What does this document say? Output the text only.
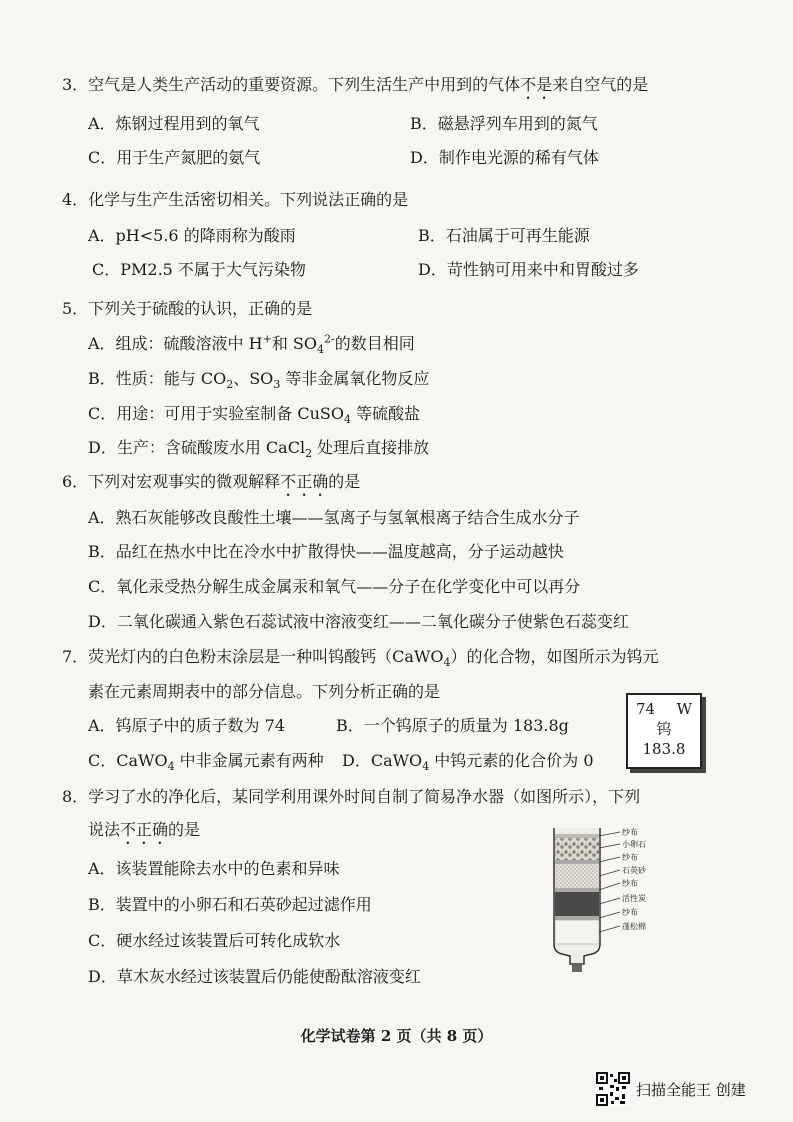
3．空气是人类生产活动的重要资源。下列生活生产中用到的气体不是来自空气的是
A．炼钢过程用到的氧气	B．磁悬浮列车用到的氮气
C．用于生产氮肥的氨气	D．制作电光源的稀有气体
4．化学与生产生活密切相关。下列说法正确的是
A．pH<5.6 的降雨称为酸雨	B．石油属于可再生能源
C．PM2.5 不属于大气污染物	D．苛性钠可用来中和胃酸过多
5．下列关于硫酸的认识，正确的是
A．组成：硫酸溶液中 H+和 $SO_4^{2-}$的数目相同
B．性质：能与 $CO_2$、$SO_3$ 等非金属氧化物反应
C．用途：可用于实验室制备 CuSO$_4$ 等硫酸盐
D．生产：含硫酸废水用 CaCl$_2$ 处理后直接排放
6．下列对宏观事实的微观解释不正确的是
A．熟石灰能够改良酸性土壤——氢离子与氢氧根离子结合生成水分子
B．品红在热水中比在冷水中扩散得快——温度越高，分子运动越快
C．氧化汞受热分解生成金属汞和氧气——分子在化学变化中可以再分
D．二氧化碳通入紫色石蕊试液中溶液变红——二氧化碳分子使紫色石蕊变红
7．荧光灯内的白色粉末涂层是一种叫钨酸钙（CaWO$_4$）的化合物，如图所示为钨元
素在元素周期表中的部分信息。下列分析正确的是
A．钨原子中的质子数为 74	B．一个钨原子的质量为 183.8g
C．CaWO$_4$ 中非金属元素有两种 D．CaWO$_4$ 中钨元素的化合价为 0
74 W
钨
183.8
8．学习了水的净化后，某同学利用课外时间自制了简易净水器（如图所示），下列
说法不正确的是
A．该装置能除去水中的色素和异味
B．装置中的小卵石和石英砂起过滤作用
C．硬水经过该装置后可转化成软水
D．草木灰水经过该装置后仍能使酚酞溶液变红
纱布
小卵石
纱布
石英砂
纱布
活性炭
纱布
蓬松棉
化学试卷第 2 页（共 8 页）
扫描全能王 创建
